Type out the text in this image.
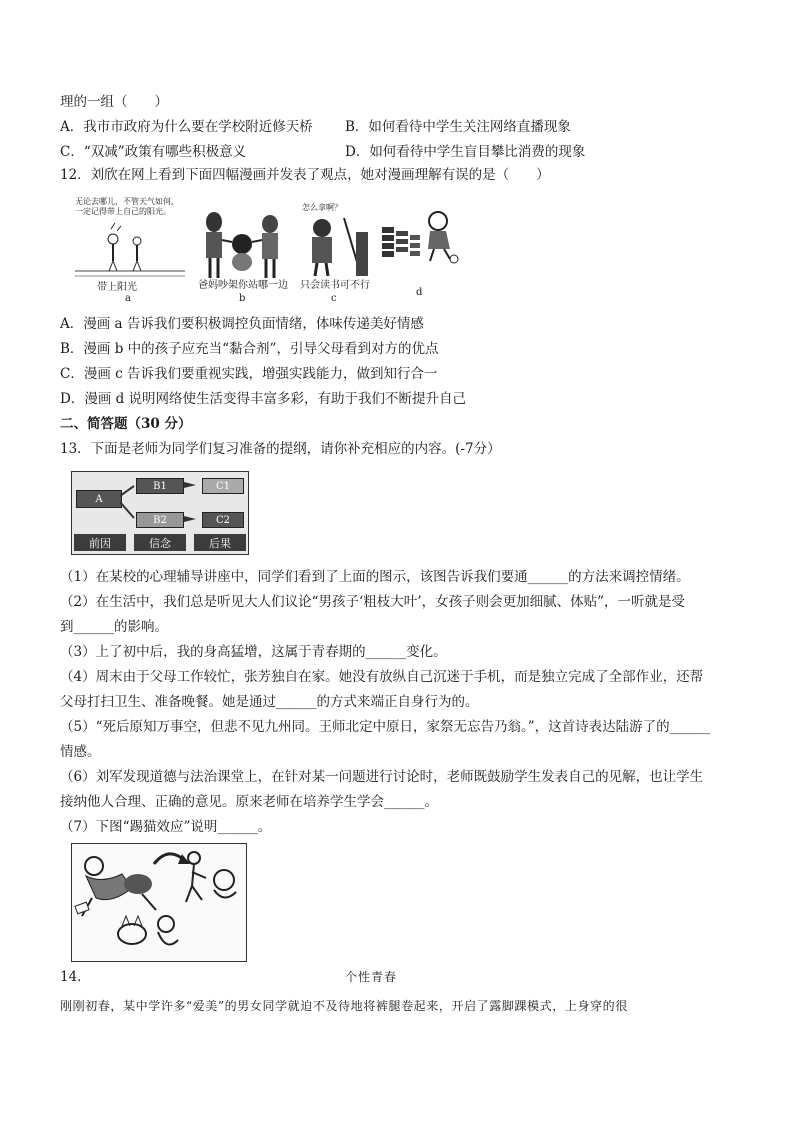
理的一组（　　）
A．我市市政府为什么要在学校附近修天桥 B．如何看待中学生关注网络直播现象
C．“双减”政策有哪些积极意义	D．如何看待中学生盲目攀比消费的现象
12．刘欣在网上看到下面四幅漫画并发表了观点，她对漫画理解有误的是（　　）
无论去哪儿，不管天气如何,
一定记得带上自己的阳光。
带上阳光
a
爸妈吵架你站哪一边
b
怎么拿啊？
只会读书可不行
c
d
A．漫画 a 告诉我们要积极调控负面情绪，体味传递美好情感
B．漫画 b 中的孩子应充当“黏合剂”，引导父母看到对方的优点
C．漫画 c 告诉我们要重视实践，增强实践能力，做到知行合一
D．漫画 d 说明网络使生活变得丰富多彩，有助于我们不断提升自己
二、简答题（30 分）
13．下面是老师为同学们复习准备的提纲，请你补充相应的内容。(-7分）
A
B1
B2
C1
C2
前因	信念	后果
（1）在某校的心理辅导讲座中，同学们看到了上面的图示，该图告诉我们要通______的方法来调控情绪。
（2）在生活中，我们总是听见大人们议论“男孩子‘粗枝大叶’，女孩子则会更加细腻、体贴”，一听就是受
到______的影响。
（3）上了初中后，我的身高猛增，这属于青春期的______变化。
（4）周末由于父母工作较忙，张芳独自在家。她没有放纵自己沉迷于手机，而是独立完成了全部作业，还帮
父母打扫卫生、准备晚餐。她是通过______的方式来端正自身行为的。
（5）“死后原知万事空，但悲不见九州同。王师北定中原日，家祭无忘告乃翁。”，这首诗表达陆游了的______
情感。
（6）刘军发现道德与法治课堂上，在针对某一问题进行讨论时，老师既鼓励学生发表自己的见解，也让学生
接纳他人合理、正确的意见。原来老师在培养学生学会______。
（7）下图“踢猫效应”说明______。
14．	个性青春
刚刚初春，某中学许多“爱美”的男女同学就迫不及待地将裤腿卷起来，开启了露脚踝模式，上身穿的很
